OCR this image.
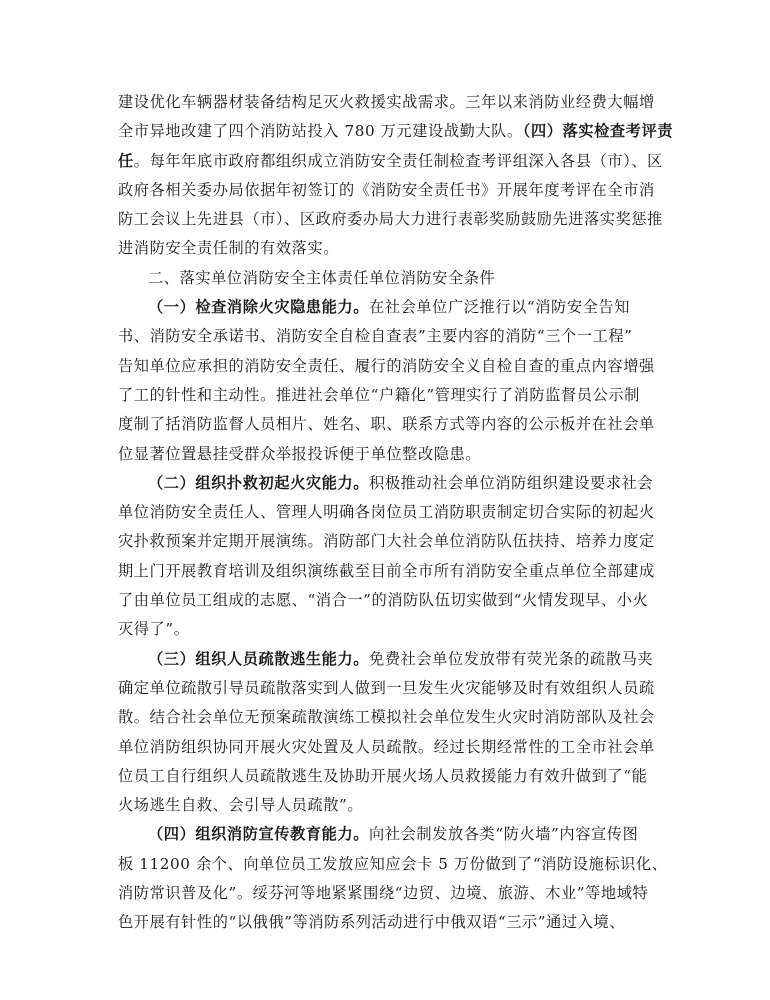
建设优化车辆器材装备结构足灭火救援实战需求。三年以来消防业经费大幅增
全市异地改建了四个消防站投入 780 万元建设战勤大队。（四）落实检查考评责
任。每年年底市政府都组织成立消防安全责任制检查考评组深入各县（市）、区
政府各相关委办局依据年初签订的《消防安全责任书》开展年度考评在全市消
防工会议上先进县（市）、区政府委办局大力进行表彰奖励鼓励先进落实奖惩推
进消防安全责任制的有效落实。
二、落实单位消防安全主体责任单位消防安全条件
（一）检查消除火灾隐患能力。在社会单位广泛推行以“消防安全告知
书、消防安全承诺书、消防安全自检自查表”主要内容的消防“三个一工程”
告知单位应承担的消防安全责任、履行的消防安全义自检自查的重点内容增强
了工的针性和主动性。推进社会单位“户籍化”管理实行了消防监督员公示制
度制了括消防监督人员相片、姓名、职、联系方式等内容的公示板并在社会单
位显著位置悬挂受群众举报投诉便于单位整改隐患。
（二）组织扑救初起火灾能力。积极推动社会单位消防组织建设要求社会
单位消防安全责任人、管理人明确各岗位员工消防职责制定切合实际的初起火
灾扑救预案并定期开展演练。消防部门大社会单位消防队伍扶持、培养力度定
期上门开展教育培训及组织演练截至目前全市所有消防安全重点单位全部建成
了由单位员工组成的志愿、“消合一”的消防队伍切实做到“火情发现早、小火
灭得了”。
（三）组织人员疏散逃生能力。免费社会单位发放带有荧光条的疏散马夹
确定单位疏散引导员疏散落实到人做到一旦发生火灾能够及时有效组织人员疏
散。结合社会单位无预案疏散演练工模拟社会单位发生火灾时消防部队及社会
单位消防组织协同开展火灾处置及人员疏散。经过长期经常性的工全市社会单
位员工自行组织人员疏散逃生及协助开展火场人员救援能力有效升做到了“能
火场逃生自救、会引导人员疏散”。
（四）组织消防宣传教育能力。向社会制发放各类“防火墙”内容宣传图
板 11200 余个、向单位员工发放应知应会卡 5 万份做到了“消防设施标识化、
消防常识普及化”。绥芬河等地紧紧围绕“边贸、边境、旅游、木业”等地域特
色开展有针性的“以俄俄”等消防系列活动进行中俄双语“三示”通过入境、
